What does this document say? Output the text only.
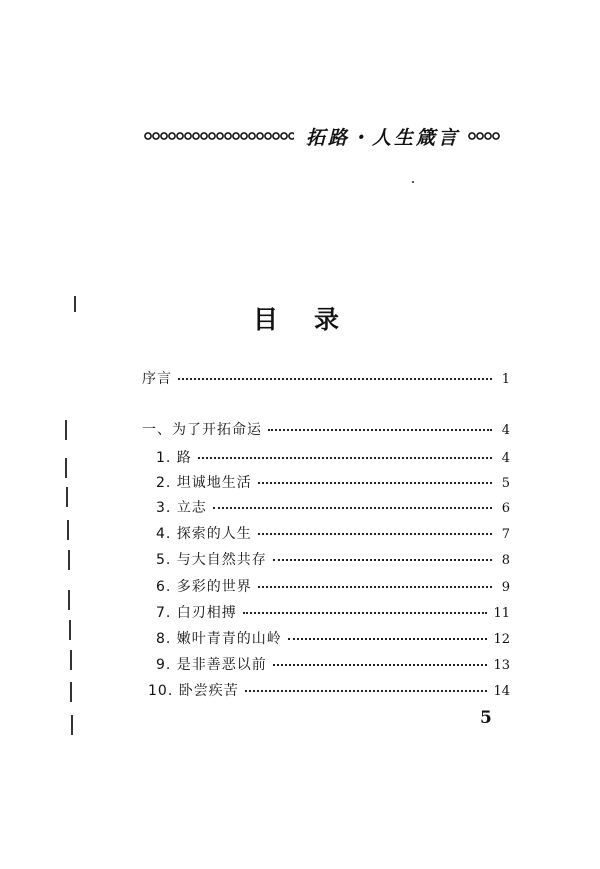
拓路・人生箴言
目录
序言	1
一、为了开拓命运	4
1. 路	4
2. 坦诚地生活	5
3. 立志	6
4. 探索的人生	7
5. 与大自然共存	8
6. 多彩的世界	9
7. 白刃相搏	11
8. 嫩叶青青的山岭	12
9. 是非善恶以前	13
10. 卧尝疾苦	14
5
